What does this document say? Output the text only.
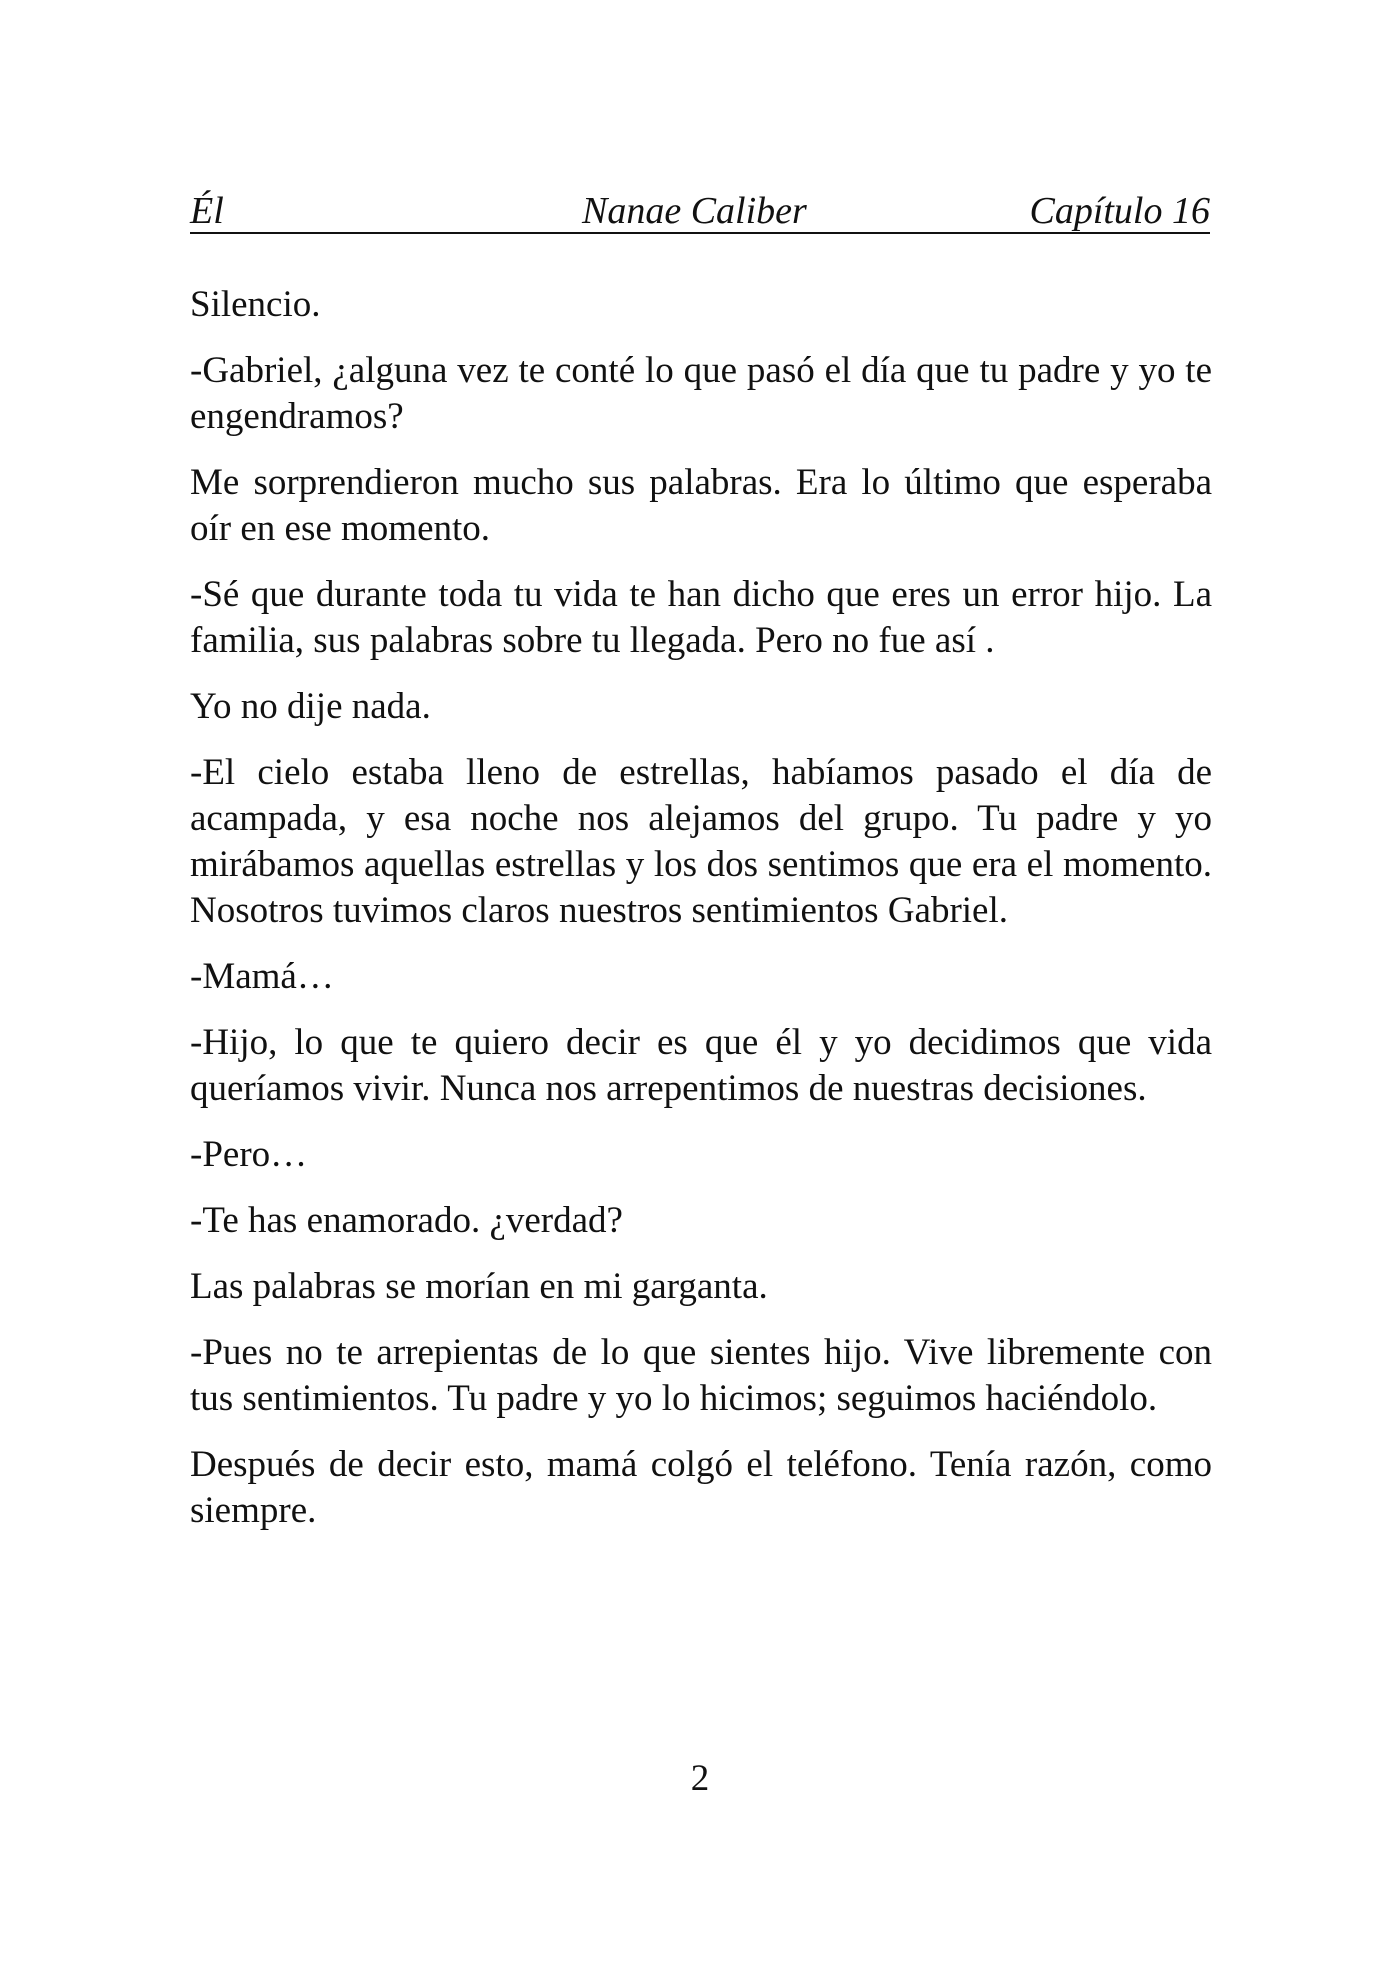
Él	Nanae Caliber	Capítulo 16

Silencio.

-Gabriel, ¿alguna vez te conté lo que pasó el día que tu padre y yo te engendramos?

Me sorprendieron mucho sus palabras. Era lo último que esperaba oír en ese momento.

-Sé que durante toda tu vida te han dicho que eres un error hijo. La familia, sus palabras sobre tu llegada. Pero no fue así .

Yo no dije nada.

-El cielo estaba lleno de estrellas, habíamos pasado el día de acampada, y esa noche nos alejamos del grupo. Tu padre y yo mirábamos aquellas estrellas y los dos sentimos que era el momento. Nosotros tuvimos claros nuestros sentimientos Gabriel.

-Mamá…

-Hijo, lo que te quiero decir es que él y yo decidimos que vida queríamos vivir. Nunca nos arrepentimos de nuestras decisiones.

-Pero…

-Te has enamorado. ¿verdad?

Las palabras se morían en mi garganta.

-Pues no te arrepientas de lo que sientes hijo. Vive libremente con tus sentimientos. Tu padre y yo lo hicimos; seguimos haciéndolo.

Después de decir esto, mamá colgó el teléfono. Tenía razón, como siempre.

2
